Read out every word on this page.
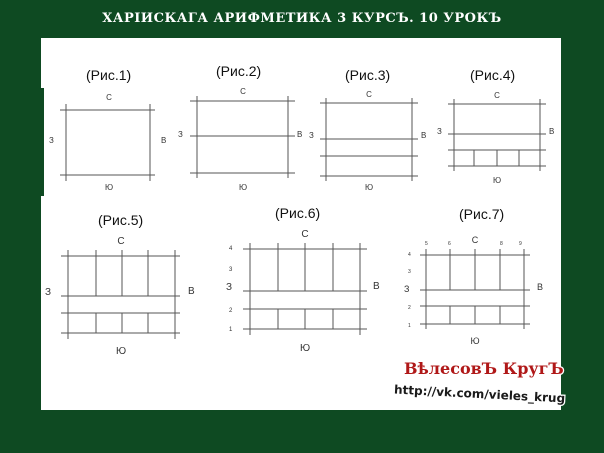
ХАРІИСКАГА АРИФМЕТИКА 3 КУРСЪ. 10 УРОКЪ
(Рис.1)
С
З	В
Ю
(Рис.2)
С
З	В
Ю
(Рис.3)
С
З	В
Ю
(Рис.4)
С
З	В
Ю
(Рис.5)
С
З	В
Ю
(Рис.6)
С
З	В
Ю
4
3
2
1
(Рис.7)
С
З	В
Ю
4
3
2
1
5	6	8	9
ВѣлесовЪ КругЪ
http://vk.com/vieles_krug
